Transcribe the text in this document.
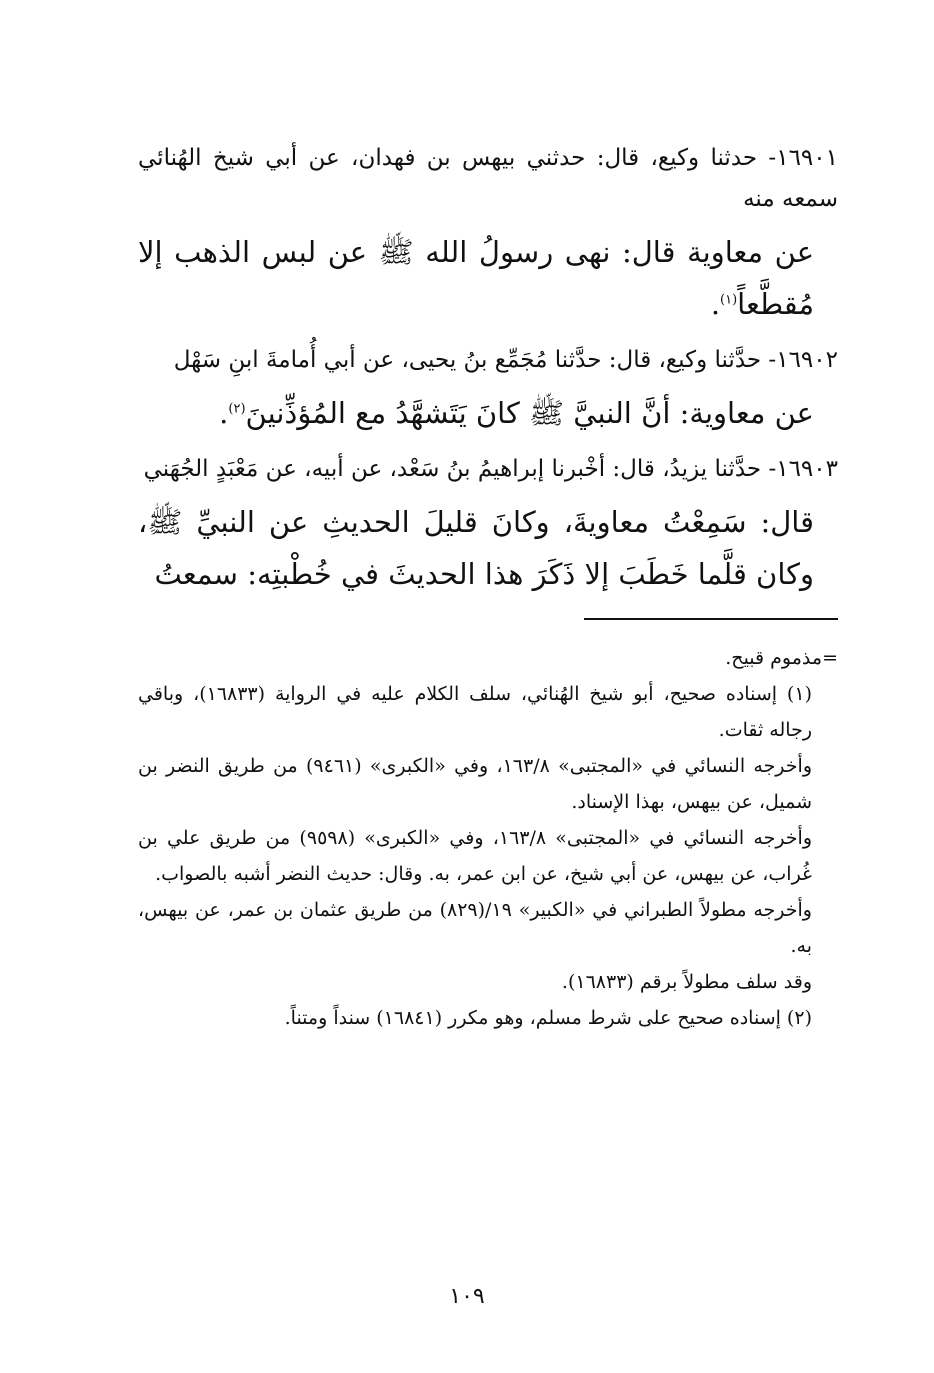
١٦٩٠١- حدثنا وكيع، قال: حدثني بيهس بن فهدان، عن أبي شيخ الهُنائي سمعه منه

عن معاوية قال: نهى رسولُ الله ﷺ عن لبس الذهب إلا مُقطَّعاً$^{(١)}$.

١٦٩٠٢- حدَّثنا وكيع، قال: حدَّثنا مُجَمِّع بنُ يحيى، عن أبي أُمامةَ ابنِ سَهْل

عن معاوية: أنَّ النبيَّ ﷺ كانَ يَتَشهَّدُ مع المُؤذِّنينَ$^{(٢)}$.

١٦٩٠٣- حدَّثنا يزيدُ، قال: أخْبرنا إبراهيمُ بنُ سَعْد، عن أبيه، عن مَعْبَدٍ الجُهَني

قال: سَمِعْتُ معاويةَ، وكانَ قليلَ الحديثِ عن النبيِّ ﷺ، وكان قلَّما خَطَبَ إلا ذَكَرَ هذا الحديثَ في خُطْبتِه: سمعتُ

=مذموم قبيح.

(١) إسناده صحيح، أبو شيخ الهُنائي، سلف الكلام عليه في الرواية (١٦٨٣٣)، وباقي رجاله ثقات.

وأخرجه النسائي في «المجتبى» ١٦٣/٨، وفي «الكبرى» (٩٤٦١) من طريق النضر بن شميل، عن بيهس، بهذا الإسناد.

وأخرجه النسائي في «المجتبى» ١٦٣/٨، وفي «الكبرى» (٩٥٩٨) من طريق علي بن غُراب، عن بيهس، عن أبي شيخ، عن ابن عمر، به. وقال: حديث النضر أشبه بالصواب.

وأخرجه مطولاً الطبراني في «الكبير» ١٩/(٨٢٩) من طريق عثمان بن عمر، عن بيهس، به.

وقد سلف مطولاً برقم (١٦٨٣٣).

(٢) إسناده صحيح على شرط مسلم، وهو مكرر (١٦٨٤١) سنداً ومتناً.

١٠٩
